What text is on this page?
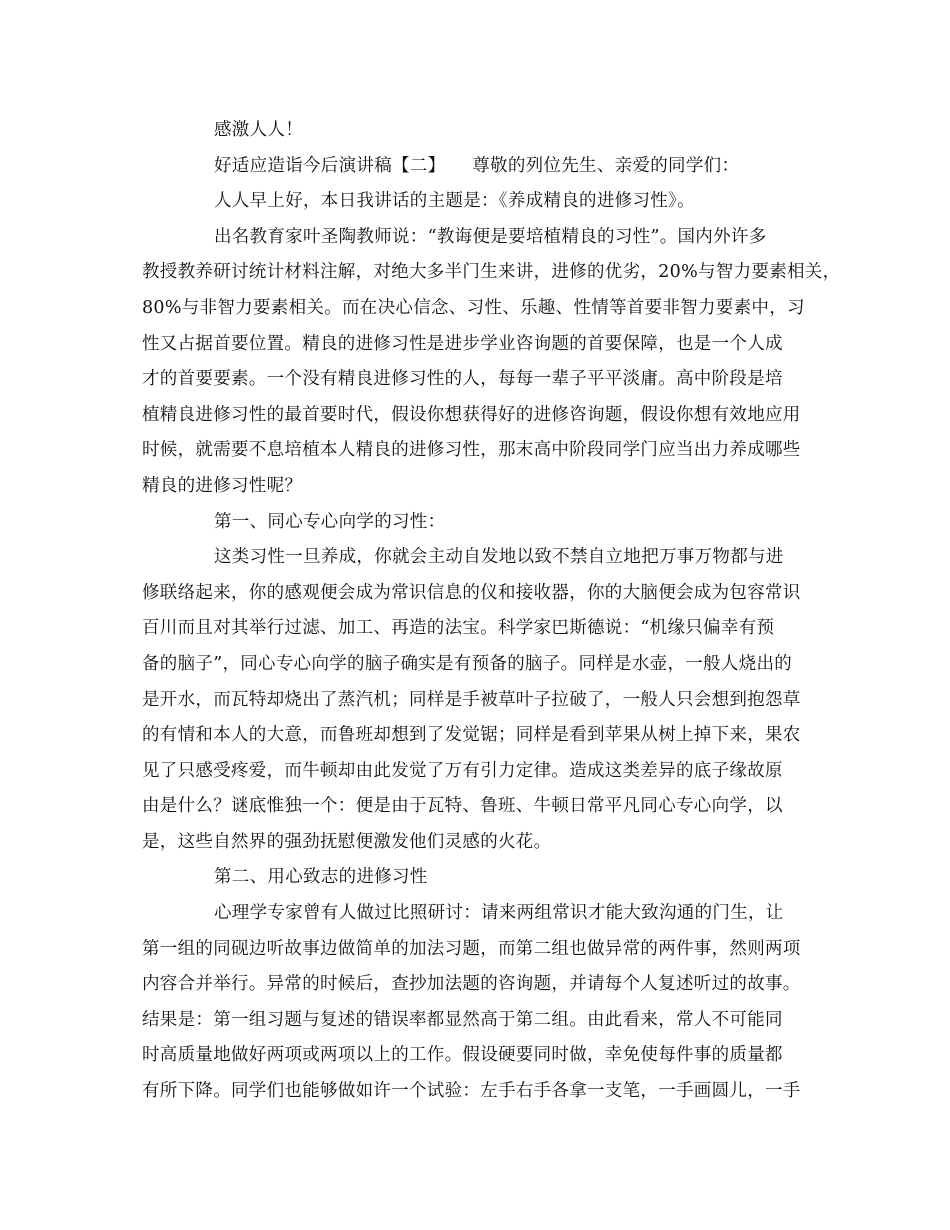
感激人人！
好适应造诣今后演讲稿【二】　　尊敬的列位先生、亲爱的同学们：
人人早上好，本日我讲话的主题是：《养成精良的进修习性》。
出名教育家叶圣陶教师说：“教诲便是要培植精良的习性”。国内外许多
教授教养研讨统计材料注解，对绝大多半门生来讲，进修的优劣，20%与智力要素相关，
80%与非智力要素相关。而在决心信念、习性、乐趣、性情等首要非智力要素中，习
性又占据首要位置。精良的进修习性是进步学业咨询题的首要保障，也是一个人成
才的首要要素。一个没有精良进修习性的人，每每一辈子平平淡庸。高中阶段是培
植精良进修习性的最首要时代，假设你想获得好的进修咨询题，假设你想有效地应用
时候，就需要不息培植本人精良的进修习性，那末高中阶段同学门应当出力养成哪些
精良的进修习性呢？
第一、同心专心向学的习性：
这类习性一旦养成，你就会主动自发地以致不禁自立地把万事万物都与进
修联络起来，你的感观便会成为常识信息的仪和接收器，你的大脑便会成为包容常识
百川而且对其举行过滤、加工、再造的法宝。科学家巴斯德说：“机缘只偏幸有预
备的脑子”，同心专心向学的脑子确实是有预备的脑子。同样是水壶，一般人烧出的
是开水，而瓦特却烧出了蒸汽机；同样是手被草叶子拉破了，一般人只会想到抱怨草
的有情和本人的大意，而鲁班却想到了发觉锯；同样是看到苹果从树上掉下来，果农
见了只感受疼爱，而牛顿却由此发觉了万有引力定律。造成这类差异的底子缘故原
由是什么？谜底惟独一个：便是由于瓦特、鲁班、牛顿日常平凡同心专心向学，以
是，这些自然界的强劲抚慰便激发他们灵感的火花。
第二、用心致志的进修习性
心理学专家曾有人做过比照研讨：请来两组常识才能大致沟通的门生，让
第一组的同砚边听故事边做简单的加法习题，而第二组也做异常的两件事，然则两项
内容合并举行。异常的时候后，查抄加法题的咨询题，并请每个人复述听过的故事。
结果是：第一组习题与复述的错误率都显然高于第二组。由此看来，常人不可能同
时高质量地做好两项或两项以上的工作。假设硬要同时做，幸免使每件事的质量都
有所下降。同学们也能够做如许一个试验：左手右手各拿一支笔，一手画圆儿，一手
